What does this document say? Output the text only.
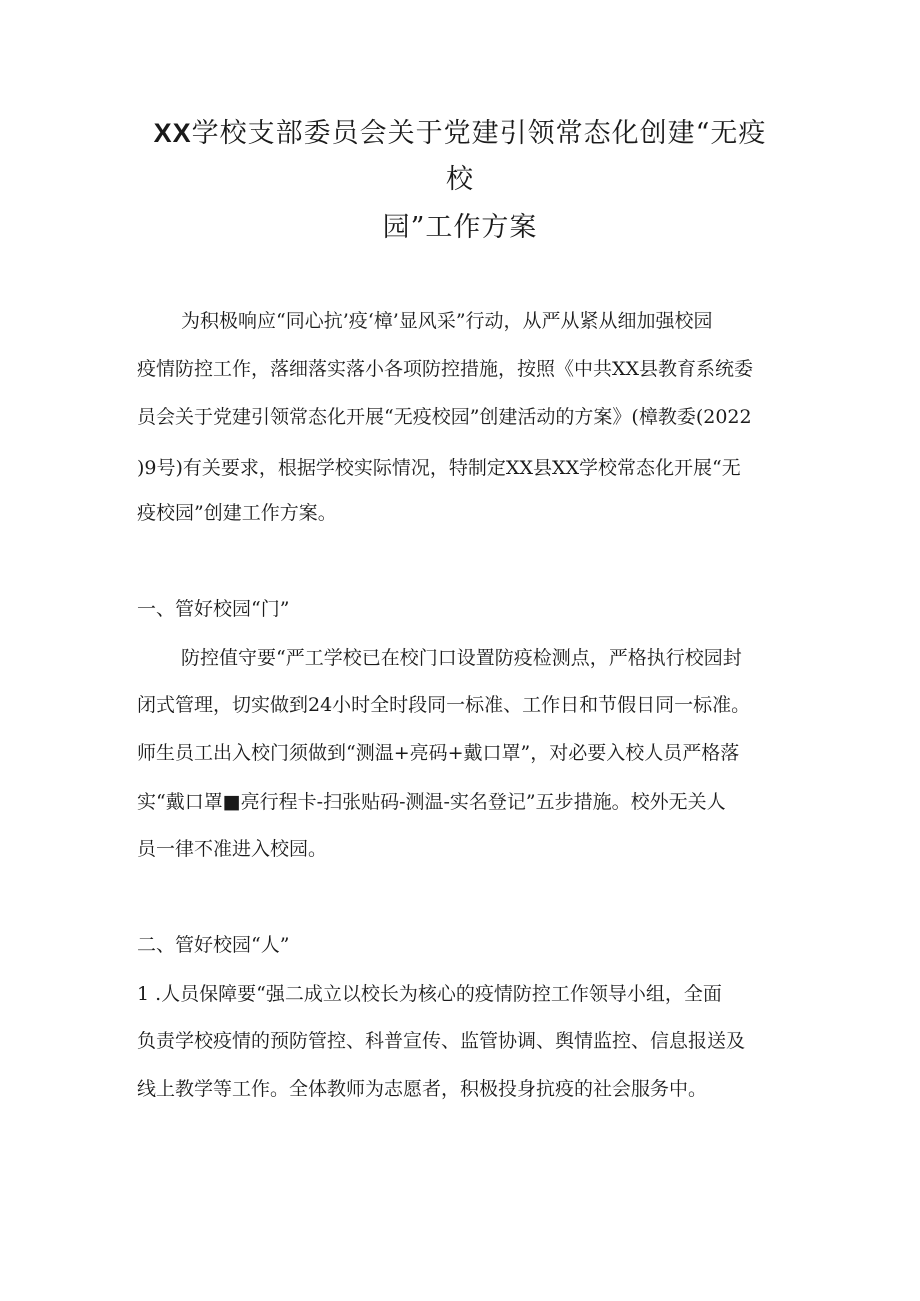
XX学校支部委员会关于党建引领常态化创建“无疫
校
园”工作方案
为积极响应“同心抗’疫‘樟’显风采”行动，从严从紧从细加强校园
疫情防控工作，落细落实落小各项防控措施，按照《中共XX县教育系统委
员会关于党建引领常态化开展“无疫校园”创建活动的方案》(樟教委(2022
)9号)有关要求，根据学校实际情况，特制定XX县XX学校常态化开展“无
疫校园”创建工作方案。
一、管好校园“门”
防控值守要“严工学校已在校门口设置防疫检测点，严格执行校园封
闭式管理，切实做到24小时全时段同一标准、工作日和节假日同一标准。
师生员工出入校门须做到“测温+亮码+戴口罩”，对必要入校人员严格落
实“戴口罩■亮行程卡-扫张贴码-测温-实名登记”五步措施。校外无关人
员一律不准进入校园。
二、管好校园“人”
1 .人员保障要“强二成立以校长为核心的疫情防控工作领导小组，全面
负责学校疫情的预防管控、科普宣传、监管协调、舆情监控、信息报送及
线上教学等工作。全体教师为志愿者，积极投身抗疫的社会服务中。
